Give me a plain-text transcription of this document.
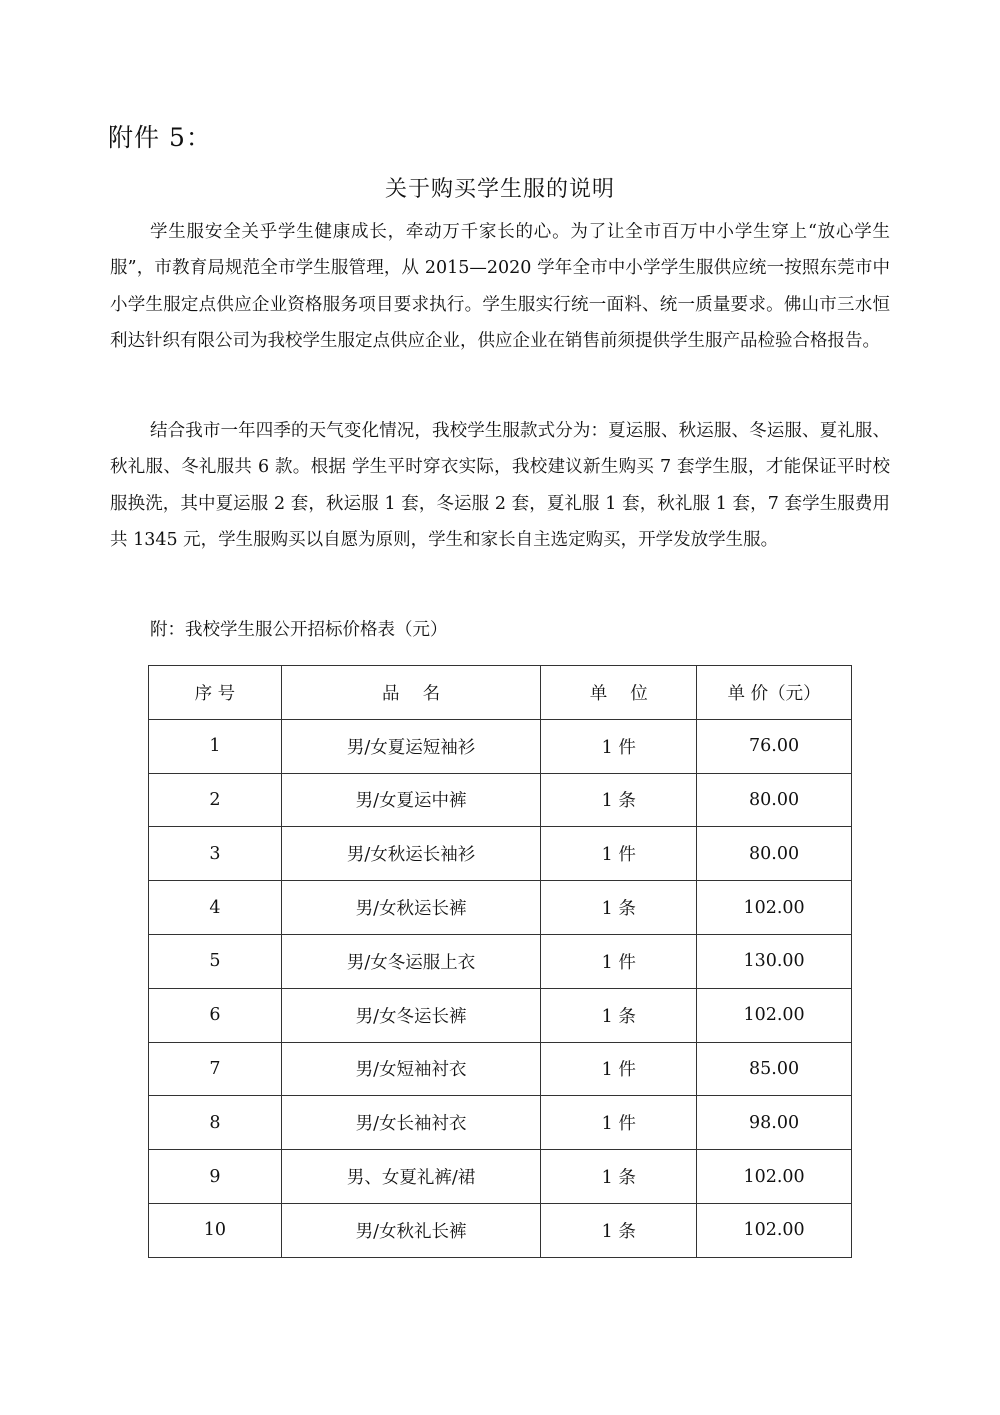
附件 5：
关于购买学生服的说明

学生服安全关乎学生健康成长，牵动万千家长的心。为了让全市百万中小学生穿上“放心学生服”，市教育局规范全市学生服管理，从 2015—2020 学年全市中小学学生服供应统一按照东莞市中小学生服定点供应企业资格服务项目要求执行。学生服实行统一面料、统一质量要求。佛山市三水恒利达针织有限公司为我校学生服定点供应企业，供应企业在销售前须提供学生服产品检验合格报告。

结合我市一年四季的天气变化情况，我校学生服款式分为：夏运服、秋运服、冬运服、夏礼服、秋礼服、冬礼服共 6 款。根据 学生平时穿衣实际，我校建议新生购买 7 套学生服，才能保证平时校服换洗，其中夏运服 2 套，秋运服 1 套，冬运服 2 套，夏礼服 1 套，秋礼服 1 套，7 套学生服费用共 1345 元，学生服购买以自愿为原则，学生和家长自主选定购买，开学发放学生服。

附：我校学生服公开招标价格表（元）
序 号	品　 名	单　 位	单 价（元）
1	男/女夏运短袖衫	1 件	76.00
2	男/女夏运中裤	1 条	80.00
3	男/女秋运长袖衫	1 件	80.00
4	男/女秋运长裤	1 条	102.00
5	男/女冬运服上衣	1 件	130.00
6	男/女冬运长裤	1 条	102.00
7	男/女短袖衬衣	1 件	85.00
8	男/女长袖衬衣	1 件	98.00
9	男、女夏礼裤/裙	1 条	102.00
10	男/女秋礼长裤	1 条	102.00
